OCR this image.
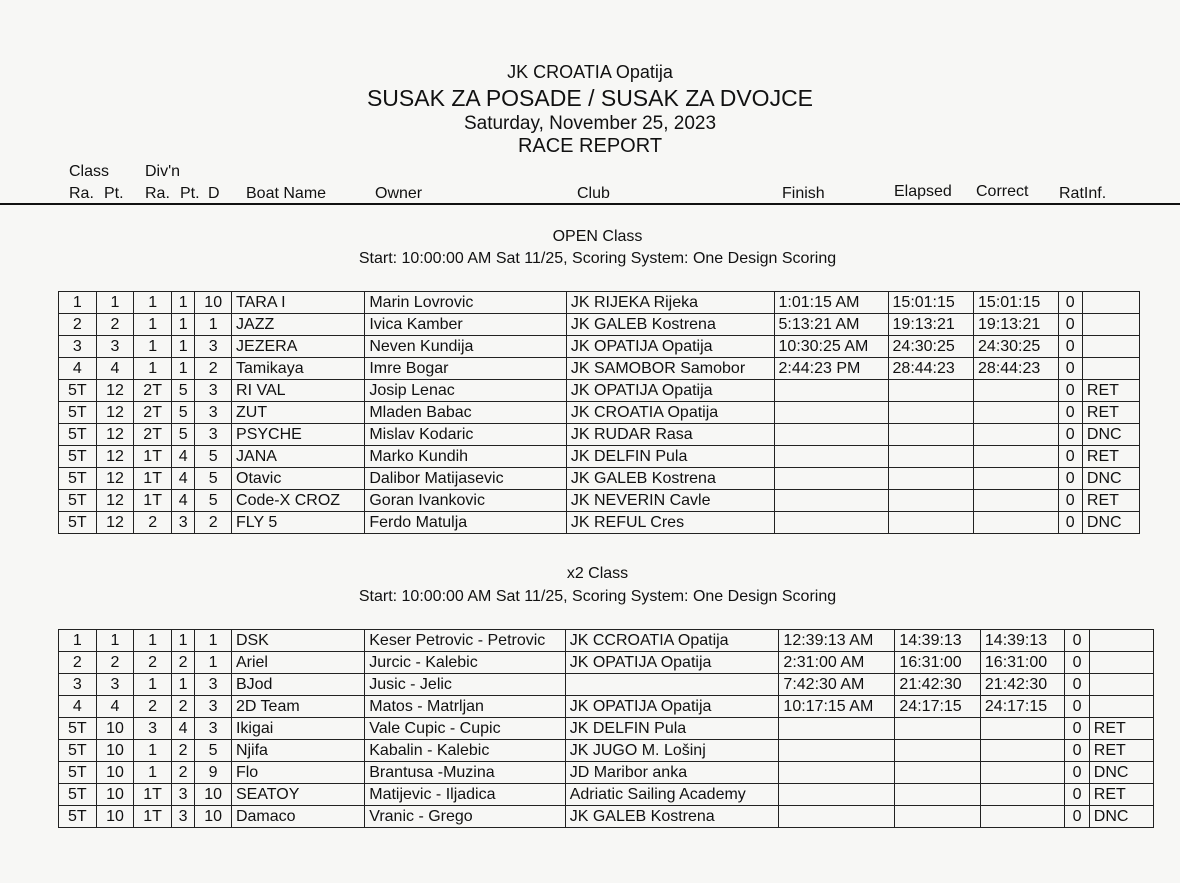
JK CROATIA Opatija
SUSAK ZA POSADE / SUSAK ZA DVOJCE
Saturday, November 25, 2023
RACE REPORT
Class Div'n
Ra. Pt. Ra. Pt. D Boat Name	Owner	Club	Finish	Elapsed Correct RatInf.
OPEN Class
Start: 10:00:00 AM Sat 11/25, Scoring System: One Design Scoring
1	1	1	1	10	TARA I	Marin Lovrovic	JK RIJEKA Rijeka	1:01:15 AM	15:01:15	15:01:15	0	
2	2	1	1	1	JAZZ	Ivica Kamber	JK GALEB Kostrena	5:13:21 AM	19:13:21	19:13:21	0	
3	3	1	1	3	JEZERA	Neven Kundija	JK OPATIJA Opatija	10:30:25 AM	24:30:25	24:30:25	0	
4	4	1	1	2	Tamikaya	Imre Bogar	JK SAMOBOR Samobor	2:44:23 PM	28:44:23	28:44:23	0	
5T	12	2T	5	3	RI VAL	Josip Lenac	JK OPATIJA Opatija				0	RET
5T	12	2T	5	3	ZUT	Mladen Babac	JK CROATIA Opatija				0	RET
5T	12	2T	5	3	PSYCHE	Mislav Kodaric	JK RUDAR Rasa				0	DNC
5T	12	1T	4	5	JANA	Marko Kundih	JK DELFIN Pula				0	RET
5T	12	1T	4	5	Otavic	Dalibor Matijasevic	JK GALEB Kostrena				0	DNC
5T	12	1T	4	5	Code-X CROZ	Goran Ivankovic	JK NEVERIN Cavle				0	RET
5T	12	2	3	2	FLY 5	Ferdo Matulja	JK REFUL Cres				0	DNC
x2 Class
Start: 10:00:00 AM Sat 11/25, Scoring System: One Design Scoring
1	1	1	1	1	DSK	Keser Petrovic - Petrovic	JK CCROATIA Opatija	12:39:13 AM	14:39:13	14:39:13	0	
2	2	2	2	1	Ariel	Jurcic - Kalebic	JK OPATIJA Opatija	2:31:00 AM	16:31:00	16:31:00	0	
3	3	1	1	3	BJod	Jusic - Jelic		7:42:30 AM	21:42:30	21:42:30	0	
4	4	2	2	3	2D Team	Matos - Matrljan	JK OPATIJA Opatija	10:17:15 AM	24:17:15	24:17:15	0	
5T	10	3	4	3	Ikigai	Vale Cupic - Cupic	JK DELFIN Pula				0	RET
5T	10	1	2	5	Njifa	Kabalin - Kalebic	JK JUGO M. Lošinj				0	RET
5T	10	1	2	9	Flo	Brantusa -Muzina	JD Maribor anka				0	DNC
5T	10	1T	3	10	SEATOY	Matijevic - Iljadica	Adriatic Sailing Academy				0	RET
5T	10	1T	3	10	Damaco	Vranic - Grego	JK GALEB Kostrena				0	DNC
